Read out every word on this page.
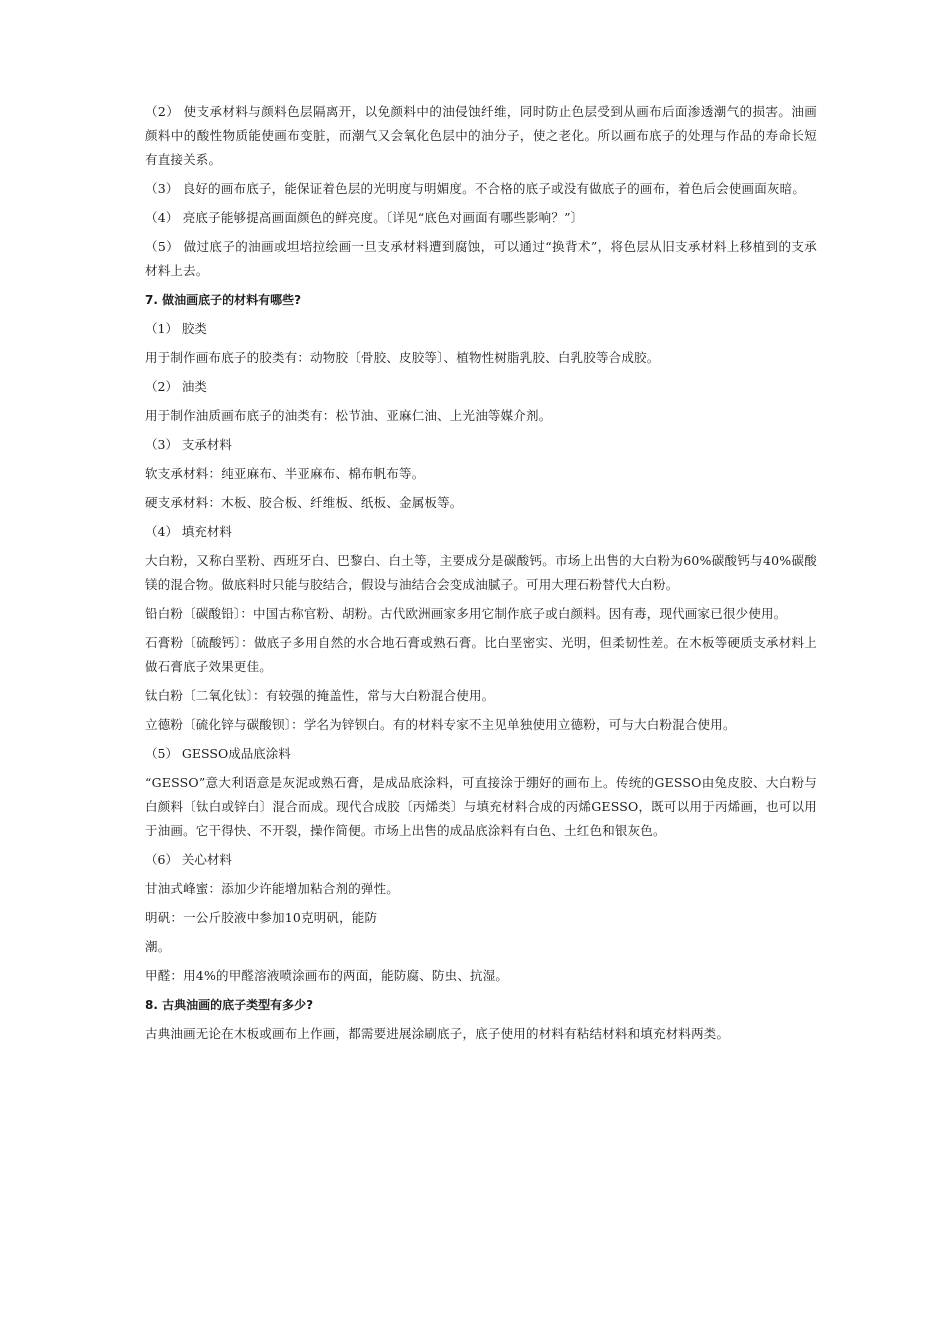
（2） 使支承材料与颜料色层隔离开，以免颜料中的油侵蚀纤维，同时防止色层受到从画布后面渗透潮气的损害。油画颜料中的酸性物质能使画布变脏，而潮气又会氧化色层中的油分子，使之老化。所以画布底子的处理与作品的寿命长短有直接关系。

（3） 良好的画布底子，能保证着色层的光明度与明媚度。不合格的底子或没有做底子的画布，着色后会使画面灰暗。

（4） 亮底子能够提高画面颜色的鲜亮度。〔详见“底色对画面有哪些影响？”〕

（5） 做过底子的油画或坦培拉绘画一旦支承材料遭到腐蚀，可以通过“换背术”，将色层从旧支承材料上移植到的支承材料上去。

7. 做油画底子的材料有哪些?

（1） 胶类

用于制作画布底子的胶类有：动物胶〔骨胶、皮胶等〕、植物性树脂乳胶、白乳胶等合成胶。

（2） 油类

用于制作油质画布底子的油类有：松节油、亚麻仁油、上光油等媒介剂。

（3） 支承材料

软支承材料：纯亚麻布、半亚麻布、棉布帆布等。

硬支承材料：木板、胶合板、纤维板、纸板、金属板等。

（4） 填充材料

大白粉，又称白垩粉、西班牙白、巴黎白、白土等，主要成分是碳酸钙。市场上出售的大白粉为60%碳酸钙与40%碳酸镁的混合物。做底料时只能与胶结合，假设与油结合会变成油腻子。可用大理石粉替代大白粉。

铅白粉〔碳酸铅〕：中国古称官粉、胡粉。古代欧洲画家多用它制作底子或白颜料。因有毒，现代画家已很少使用。

石膏粉〔硫酸钙〕：做底子多用自然的水合地石膏或熟石膏。比白垩密实、光明，但柔韧性差。在木板等硬质支承材料上做石膏底子效果更佳。

钛白粉〔二氧化钛〕：有较强的掩盖性，常与大白粉混合使用。

立德粉〔硫化锌与碳酸钡〕：学名为锌钡白。有的材料专家不主见单独使用立德粉，可与大白粉混合使用。

（5） GESSO成品底涂料

“GESSO”意大利语意是灰泥或熟石膏，是成品底涂料，可直接涂于绷好的画布上。传统的GESSO由兔皮胶、大白粉与白颜料〔钛白或锌白〕混合而成。现代合成胶〔丙烯类〕与填充材料合成的丙烯GESSO，既可以用于丙烯画，也可以用于油画。它干得快、不开裂，操作简便。市场上出售的成品底涂料有白色、土红色和银灰色。

（6） 关心材料

甘油式峰蜜：添加少许能增加粘合剂的弹性。

明矾：一公斤胶液中参加10克明矾，能防

潮。

甲醛：用4%的甲醛溶液喷涂画布的两面，能防腐、防虫、抗湿。

8. 古典油画的底子类型有多少?

古典油画无论在木板或画布上作画，都需要进展涂刷底子，底子使用的材料有粘结材料和填充材料两类。
